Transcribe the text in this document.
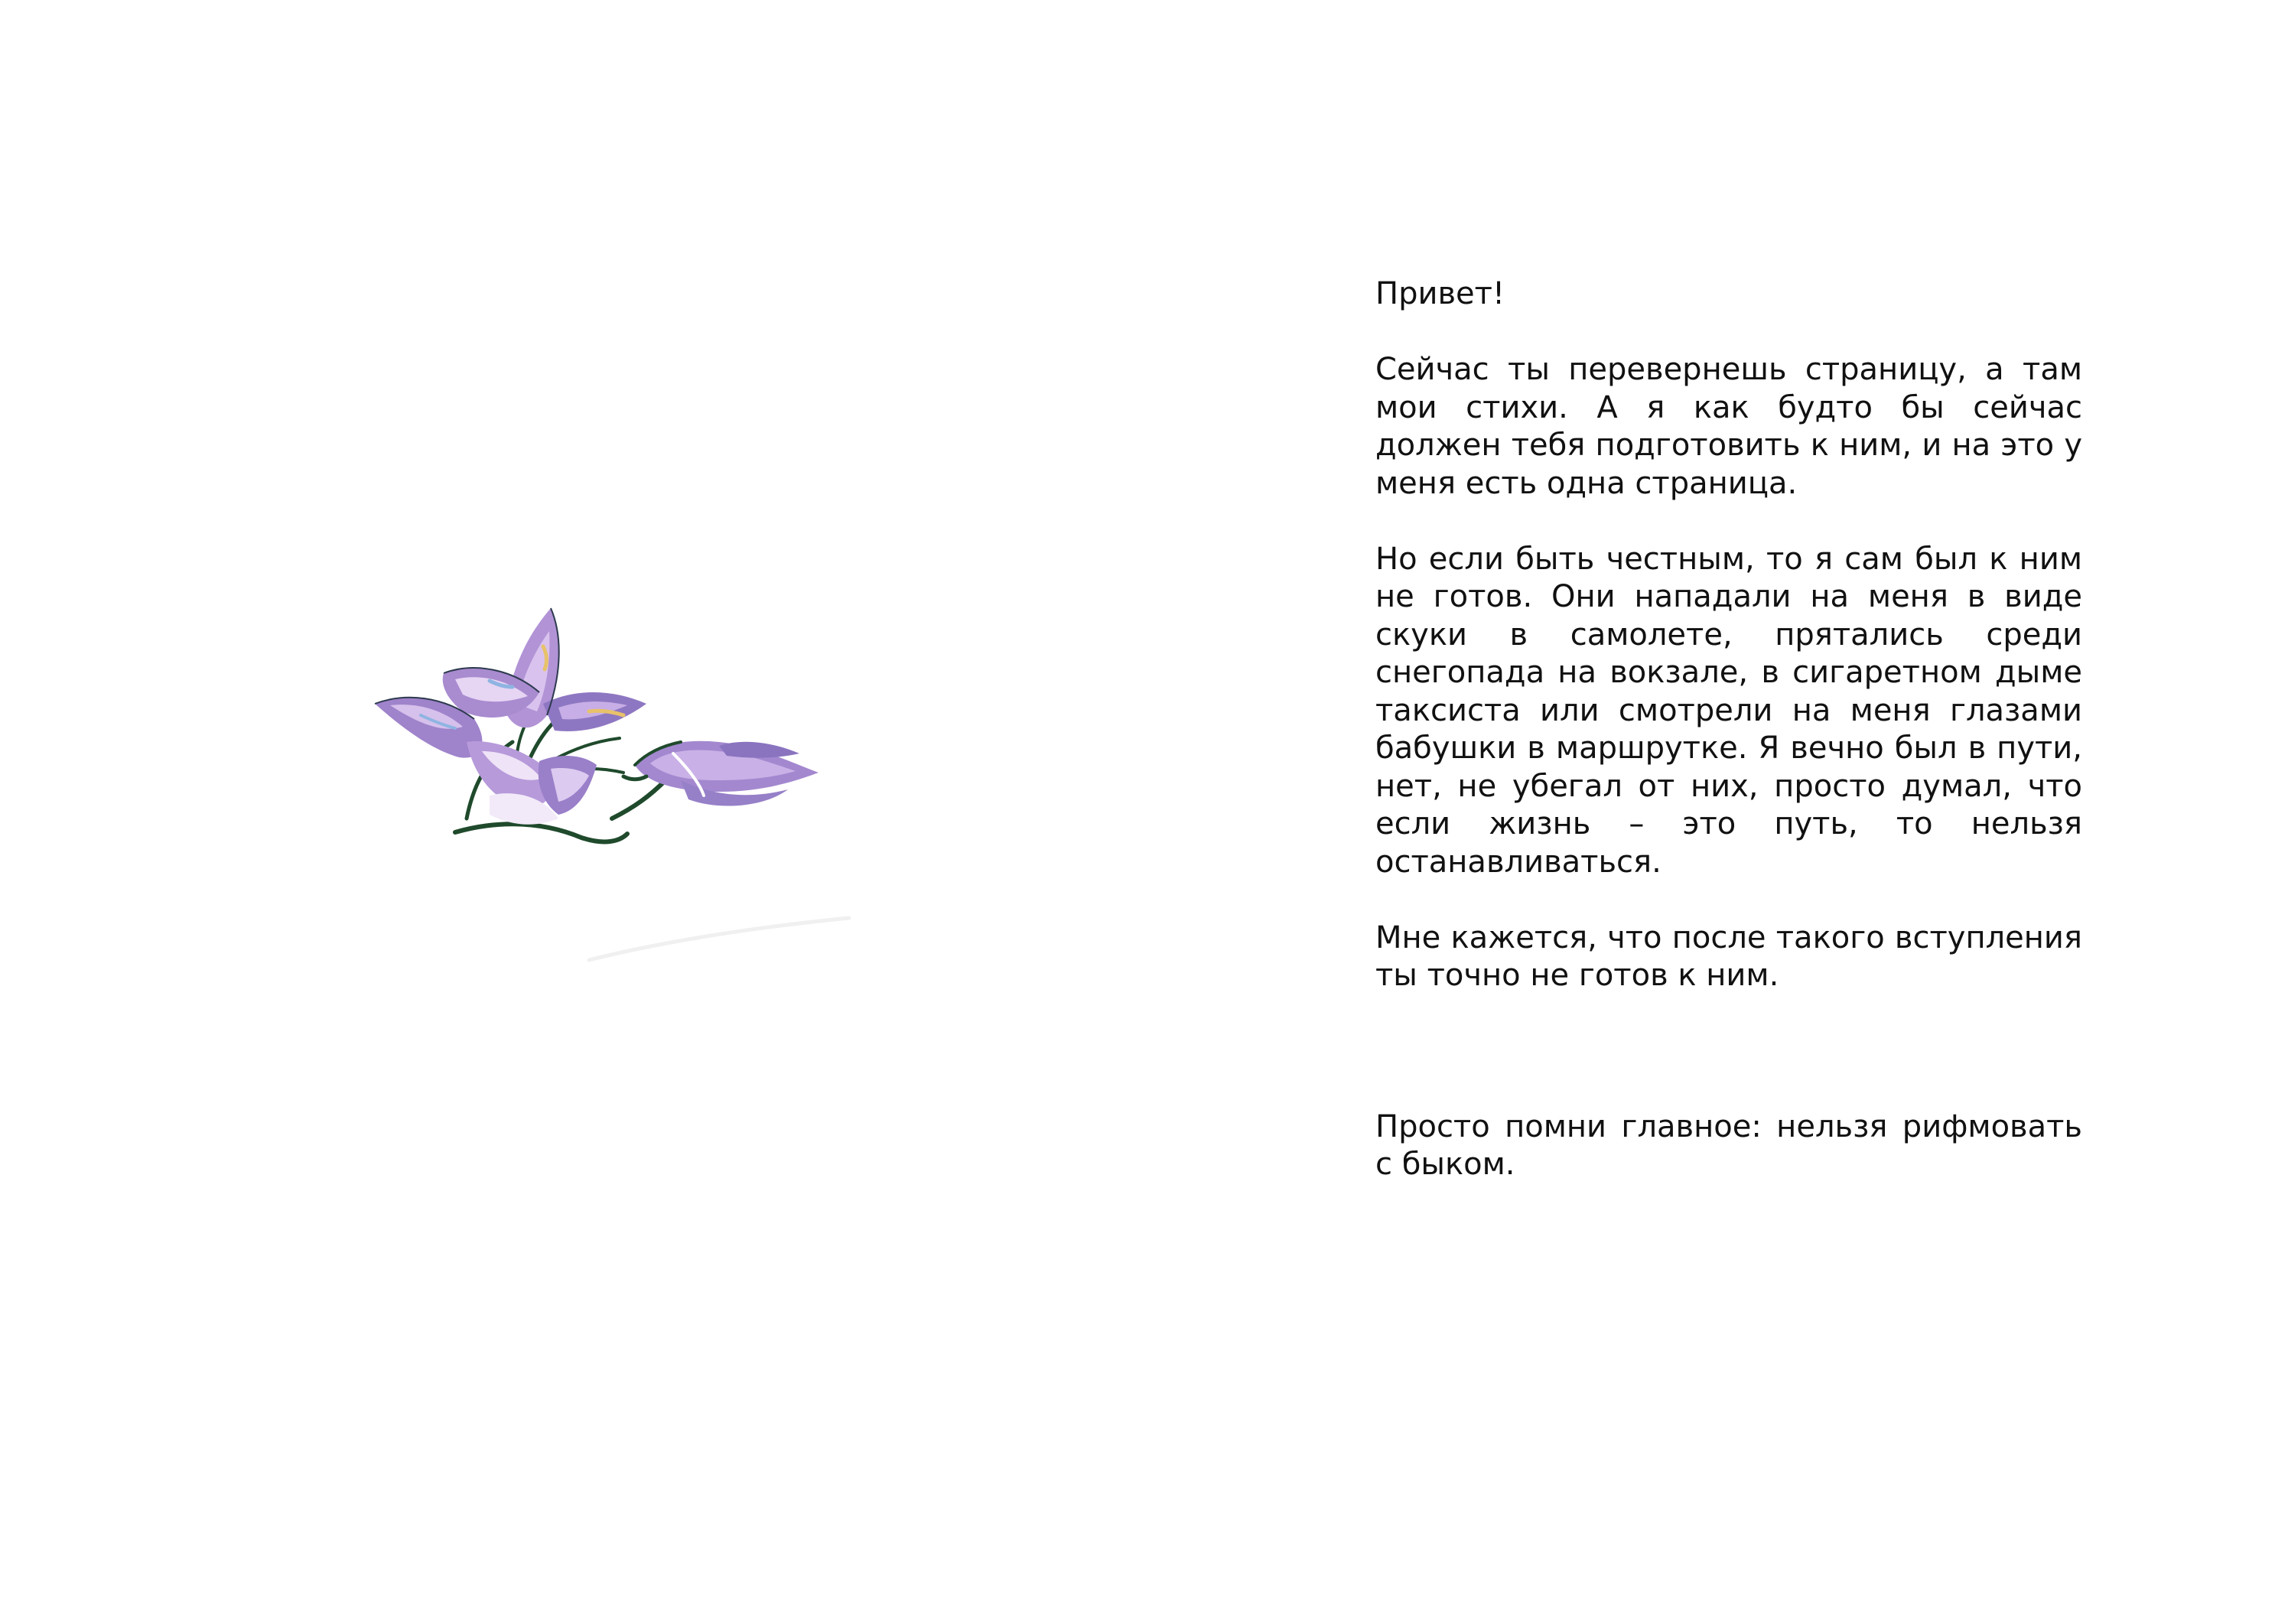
Привет!

Сейчас ты перевернешь страницу, а там мои стихи. А я как будто бы сейчас должен тебя подготовить к ним, и на это у меня есть одна страница.

Но если быть честным, то я сам был к ним не готов. Они нападали на меня в виде скуки в самолете, прятались среди снегопада на вокзале, в сигаретном дыме таксиста или смотрели на меня глазами бабушки в маршрутке. Я вечно был в пути, нет, не убегал от них, просто думал, что если жизнь – это путь, то нельзя останавливаться.

Мне кажется, что после такого вступления ты точно не готов к ним.

Просто помни главное: нельзя рифмовать с быком.
